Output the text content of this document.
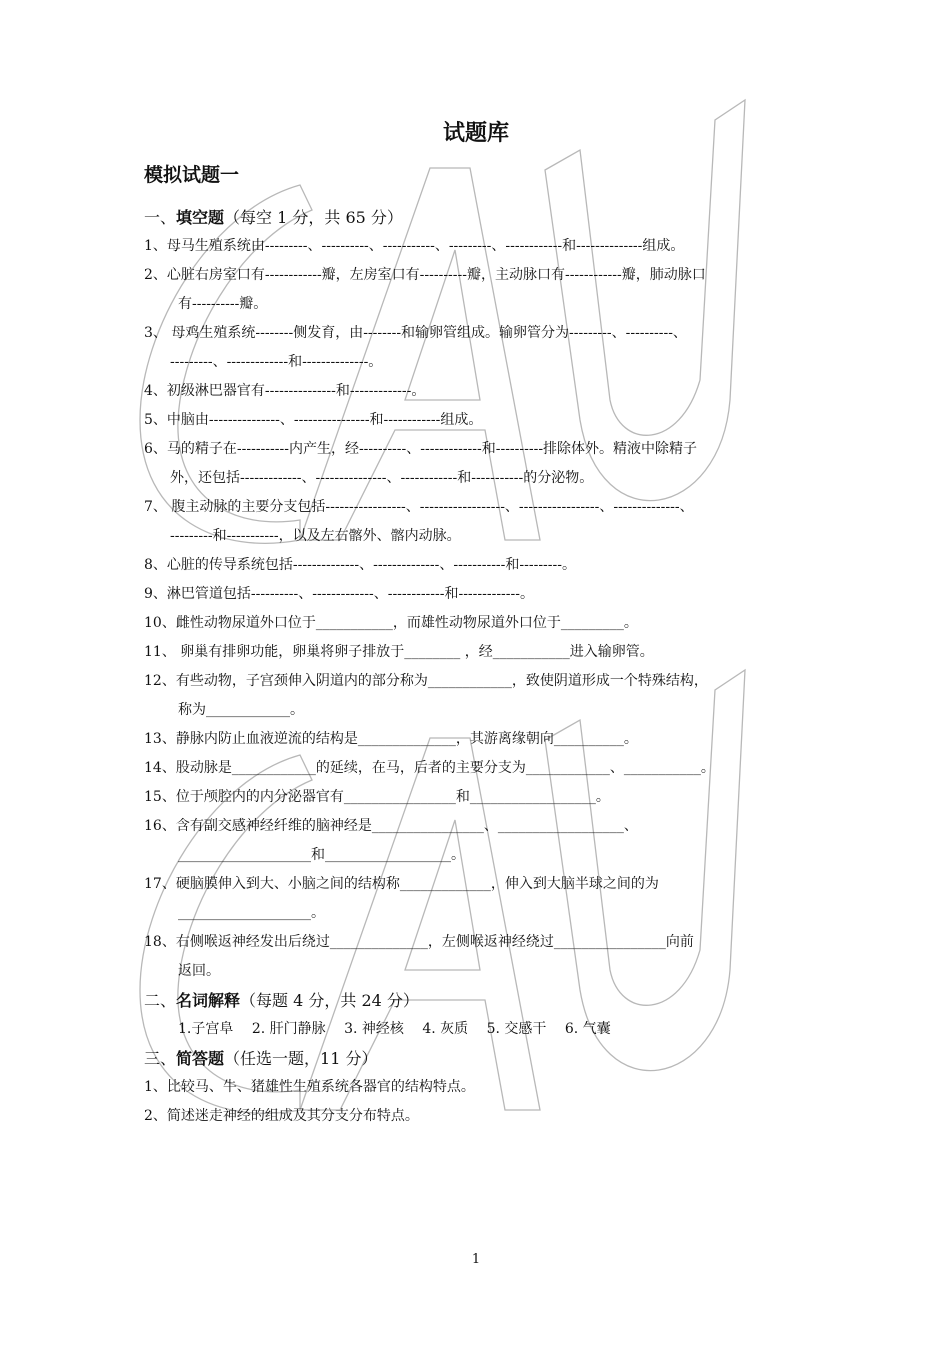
试题库
模拟试题一
一、填空题（每空 1 分，共 65 分）
1、母马生殖系统由---------、----------、-----------、---------、------------和--------------组成。
2、心脏右房室口有------------瓣，左房室口有----------瓣，主动脉口有------------瓣，肺动脉口
有----------瓣。
3、 母鸡生殖系统--------侧发育，由--------和输卵管组成。输卵管分为---------、----------、
---------、-------------和--------------。
4、初级淋巴器官有---------------和-------------。
5、中脑由---------------、----------------和------------组成。
6、马的精子在-----------内产生，经----------、-------------和----------排除体外。精液中除精子
外，还包括-------------、---------------、------------和-----------的分泌物。
7、 腹主动脉的主要分支包括-----------------、------------------、-----------------、--------------、
---------和-----------，以及左右髂外、髂内动脉。
8、心脏的传导系统包括--------------、--------------、-----------和---------。
9、淋巴管道包括----------、-------------、------------和-------------。
10、雌性动物尿道外口位于___________，而雄性动物尿道外口位于_________。
11、 卵巢有排卵功能，卵巢将卵子排放于________ ，经___________进入输卵管。
12、有些动物，子宫颈伸入阴道内的部分称为____________，致使阴道形成一个特殊结构，
称为____________。
13、静脉内防止血液逆流的结构是______________，其游离缘朝向__________。
14、股动脉是____________的延续，在马，后者的主要分支为____________、___________。
15、位于颅腔内的内分泌器官有________________和__________________。
16、含有副交感神经纤维的脑神经是________________、__________________、
___________________和__________________。
17、硬脑膜伸入到大、小脑之间的结构称_____________，伸入到大脑半球之间的为
___________________。
18、右侧喉返神经发出后绕过______________，左侧喉返神经绕过________________向前
返回。
二、名词解释（每题 4 分，共 24 分）
1.子宫阜 2. 肝门静脉 3. 神经核 4. 灰质 5. 交感干 6. 气囊
三、简答题（任选一题，11 分）
1、比较马、牛、猪雄性生殖系统各器官的结构特点。
2、简述迷走神经的组成及其分支分布特点。
1
